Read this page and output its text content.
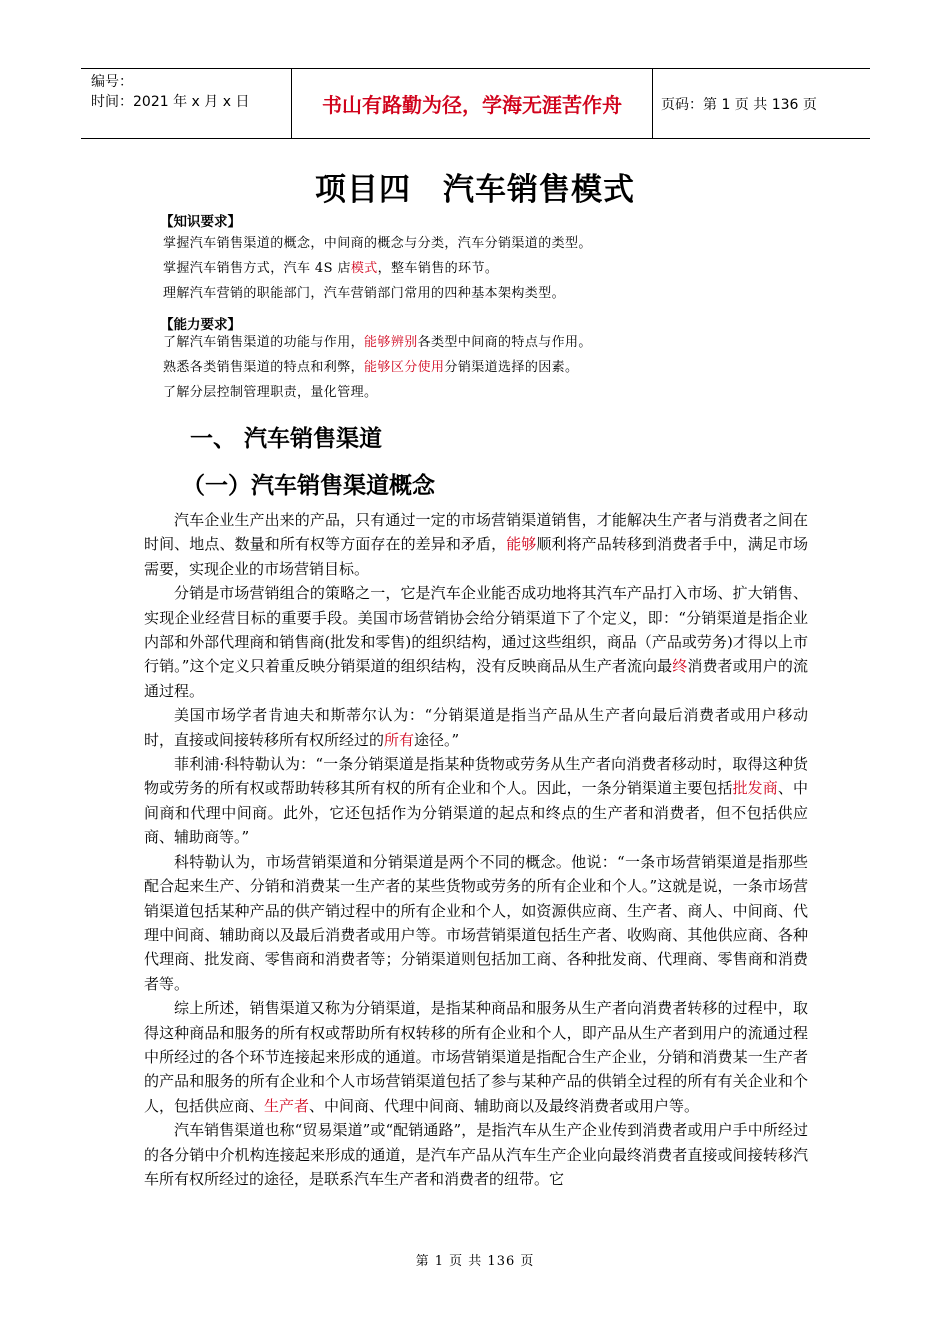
编号：
时间：2021 年 x 月 x 日	书山有路勤为径，学海无涯苦作舟	页码：第 1 页 共 136 页
项目四　汽车销售模式
【知识要求】
掌握汽车销售渠道的概念，中间商的概念与分类，汽车分销渠道的类型。
掌握汽车销售方式，汽车 4S 店模式，整车销售的环节。
理解汽车营销的职能部门，汽车营销部门常用的四种基本架构类型。
【能力要求】
了解汽车销售渠道的功能与作用，能够辨别各类型中间商的特点与作用。
熟悉各类销售渠道的特点和利弊，能够区分使用分销渠道选择的因素。
了解分层控制管理职责，量化管理。
一、 汽车销售渠道
（一）汽车销售渠道概念

汽车企业生产出来的产品，只有通过一定的市场营销渠道销售，才能解决生产者与消费者之间在时间、地点、数量和所有权等方面存在的差异和矛盾，能够顺利将产品转移到消费者手中，满足市场需要，实现企业的市场营销目标。

分销是市场营销组合的策略之一，它是汽车企业能否成功地将其汽车产品打入市场、扩大销售、实现企业经营目标的重要手段。美国市场营销协会给分销渠道下了个定义，即：“分销渠道是指企业内部和外部代理商和销售商(批发和零售)的组织结构，通过这些组织，商品（产品或劳务)才得以上市行销。”这个定义只着重反映分销渠道的组织结构，没有反映商品从生产者流向最终消费者或用户的流通过程。

美国市场学者肯迪夫和斯蒂尔认为：“分销渠道是指当产品从生产者向最后消费者或用户移动时，直接或间接转移所有权所经过的所有途径。”

菲利浦·科特勒认为：“一条分销渠道是指某种货物或劳务从生产者向消费者移动时，取得这种货物或劳务的所有权或帮助转移其所有权的所有企业和个人。因此，一条分销渠道主要包括批发商、中间商和代理中间商。此外，它还包括作为分销渠道的起点和终点的生产者和消费者，但不包括供应商、辅助商等。”

科特勒认为，市场营销渠道和分销渠道是两个不同的概念。他说：“一条市场营销渠道是指那些配合起来生产、分销和消费某一生产者的某些货物或劳务的所有企业和个人。”这就是说，一条市场营销渠道包括某种产品的供产销过程中的所有企业和个人，如资源供应商、生产者、商人、中间商、代理中间商、辅助商以及最后消费者或用户等。市场营销渠道包括生产者、收购商、其他供应商、各种代理商、批发商、零售商和消费者等；分销渠道则包括加工商、各种批发商、代理商、零售商和消费者等。

综上所述，销售渠道又称为分销渠道，是指某种商品和服务从生产者向消费者转移的过程中，取得这种商品和服务的所有权或帮助所有权转移的所有企业和个人，即产品从生产者到用户的流通过程中所经过的各个环节连接起来形成的通道。市场营销渠道是指配合生产企业，分销和消费某一生产者的产品和服务的所有企业和个人市场营销渠道包括了参与某种产品的供销全过程的所有有关企业和个人，包括供应商、生产者、中间商、代理中间商、辅助商以及最终消费者或用户等。

汽车销售渠道也称“贸易渠道”或“配销通路”，是指汽车从生产企业传到消费者或用户手中所经过的各分销中介机构连接起来形成的通道，是汽车产品从汽车生产企业向最终消费者直接或间接转移汽车所有权所经过的途径，是联系汽车生产者和消费者的纽带。它

第 1 页 共 136 页
